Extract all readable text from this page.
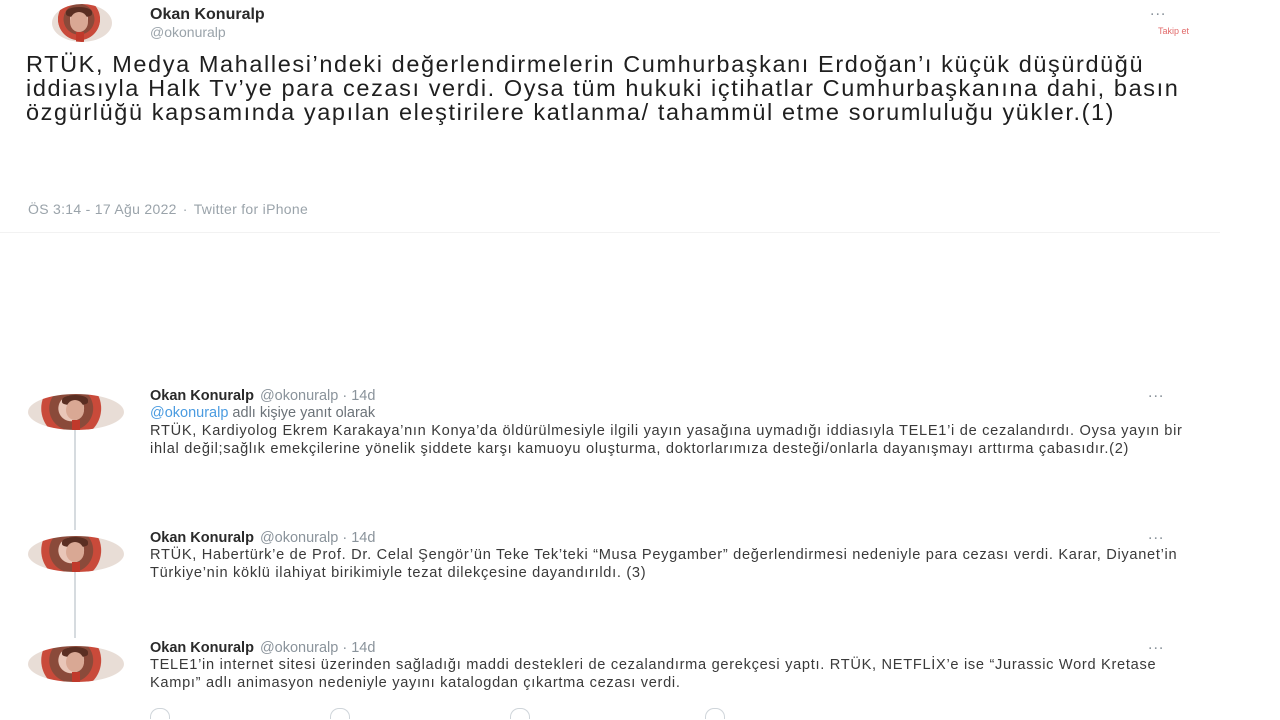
Okan Konuralp
@okonuralp
...
Takip et
RTÜK, Medya Mahallesi’ndeki değerlendirmelerin Cumhurbaşkanı Erdoğan’ı küçük düşürdüğü iddiasıyla Halk Tv’ye para cezası verdi. Oysa tüm hukuki içtihatlar Cumhurbaşkanına dahi, basın özgürlüğü kapsamında yapılan eleştirilere katlanma/ tahammül etme sorumluluğu yükler.(1)
ÖS 3:14 - 17 Ağu 2022 · Twitter for iPhone
Okan Konuralp @okonuralp · 14d	...
@okonuralp adlı kişiye yanıt olarak
RTÜK, Kardiyolog Ekrem Karakaya’nın Konya’da öldürülmesiyle ilgili yayın yasağına uymadığı iddiasıyla TELE1’i de cezalandırdı. Oysa yayın bir ihlal değil;sağlık emekçilerine yönelik şiddete karşı kamuoyu oluşturma, doktorlarımıza desteği/onlarla dayanışmayı arttırma çabasıdır.(2)
Okan Konuralp @okonuralp · 14d	...
RTÜK, Habertürk’e de Prof. Dr. Celal Şengör’ün Teke Tek’teki “Musa Peygamber” değerlendirmesi nedeniyle para cezası verdi. Karar, Diyanet’in Türkiye’nin köklü ilahiyat birikimiyle tezat dilekçesine dayandırıldı. (3)
Okan Konuralp @okonuralp · 14d	...
TELE1’in internet sitesi üzerinden sağladığı maddi destekleri de cezalandırma gerekçesi yaptı. RTÜK, NETFLİX’e ise “Jurassic Word Kretase Kampı” adlı animasyon nedeniyle yayını katalogdan çıkartma cezası verdi.
